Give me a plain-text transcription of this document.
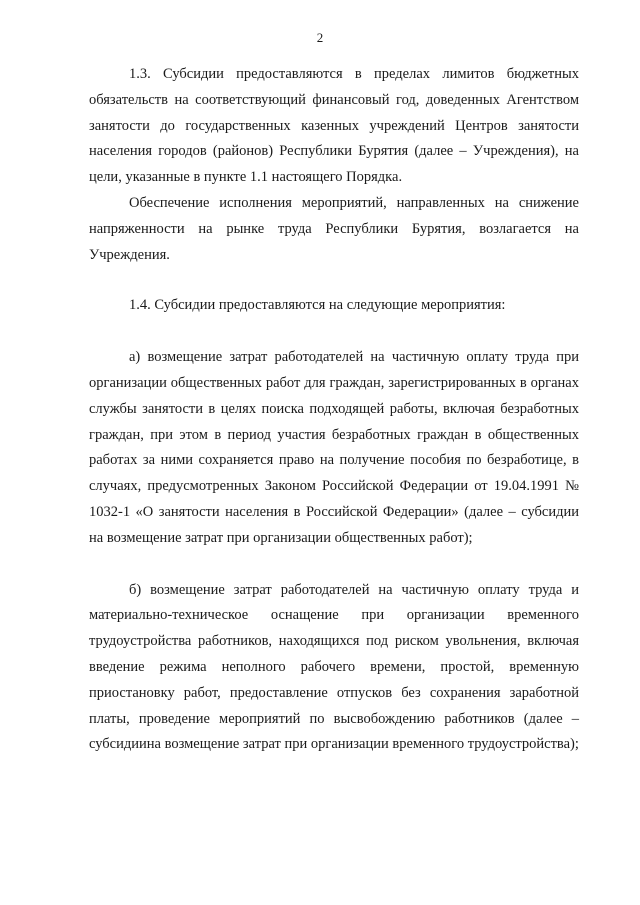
2

1.3. Субсидии предоставляются в пределах лимитов бюджетных обязательств на соответствующий финансовый год, доведенных Агентством занятости до государственных казенных учреждений Центров занятости населения городов (районов) Республики Бурятия (далее – Учреждения), на цели, указанные в пункте 1.1 настоящего Порядка.

Обеспечение исполнения мероприятий, направленных на снижение напряженности на рынке труда Республики Бурятия, возлагается на Учреждения.

1.4. Субсидии предоставляются на следующие мероприятия:

а) возмещение затрат работодателей на частичную оплату труда при организации общественных работ для граждан, зарегистрированных в органах службы занятости в целях поиска подходящей работы, включая безработных граждан, при этом в период участия безработных граждан в общественных работах за ними сохраняется право на получение пособия по безработице, в случаях, предусмотренных Законом Российской Федерации от 19.04.1991 № 1032-1 «О занятости населения в Российской Федерации» (далее – субсидии на возмещение затрат при организации общественных работ);

б) возмещение затрат работодателей на частичную оплату труда и материально-техническое оснащение при организации временного трудоустройства работников, находящихся под риском увольнения, включая введение режима неполного рабочего времени, простой, временную приостановку работ, предоставление отпусков без сохранения заработной платы, проведение мероприятий по высвобождению работников (далее – субсидиина возмещение затрат при организации временного трудоустройства);
